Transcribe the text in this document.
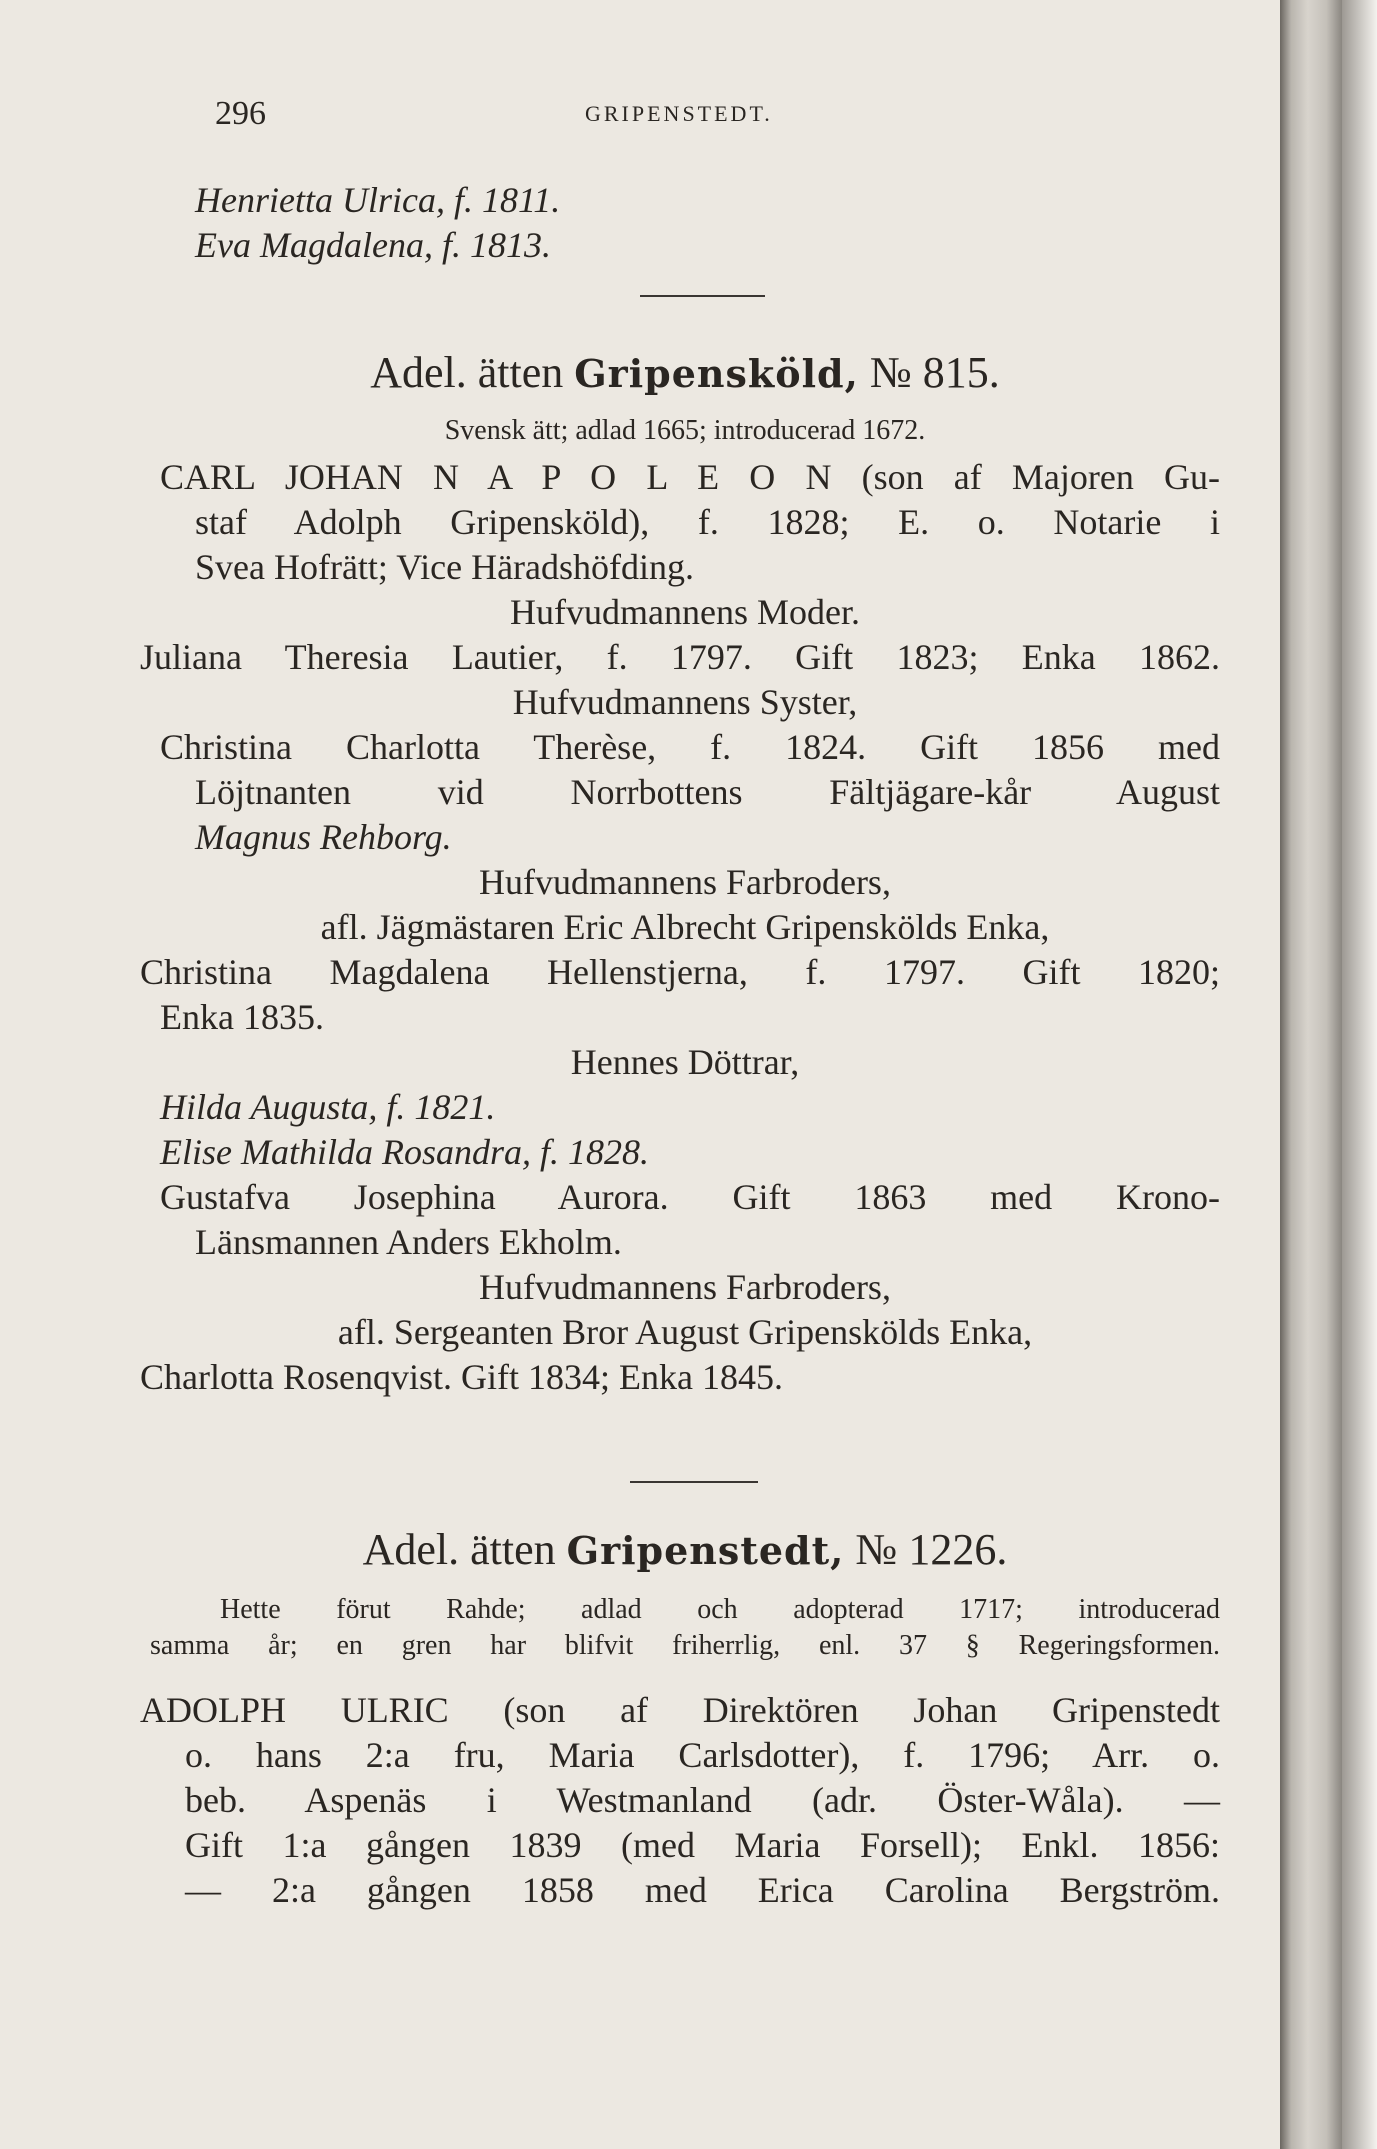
296	GRIPENSTEDT.
Henrietta Ulrica, f. 1811.
Eva Magdalena, f. 1813.
Adel. ätten Gripensköld, № 815.
Svensk ätt; adlad 1665; introducerad 1672.
CARL JOHAN N A P O L E O N (son af Majoren Gu-
staf Adolph Gripensköld), f. 1828; E. o. Notarie i
Svea Hofrätt; Vice Häradshöfding.
Hufvudmannens Moder.
Juliana Theresia Lautier, f. 1797. Gift 1823; Enka 1862.
Hufvudmannens Syster,
Christina Charlotta Therèse, f. 1824. Gift 1856 med
Löjtnanten vid Norrbottens Fältjägare-kår August
Magnus Rehborg.
Hufvudmannens Farbroders,
afl. Jägmästaren Eric Albrecht Gripenskölds Enka,
Christina Magdalena Hellenstjerna, f. 1797. Gift 1820;
Enka 1835.
Hennes Döttrar,
Hilda Augusta, f. 1821.
Elise Mathilda Rosandra, f. 1828.
Gustafva Josephina Aurora. Gift 1863 med Krono-
Länsmannen Anders Ekholm.
Hufvudmannens Farbroders,
afl. Sergeanten Bror August Gripenskölds Enka,
Charlotta Rosenqvist. Gift 1834; Enka 1845.
Adel. ätten Gripenstedt, № 1226.
Hette förut Rahde; adlad och adopterad 1717; introducerad
samma år; en gren har blifvit friherrlig, enl. 37 § Regeringsformen.
ADOLPH ULRIC (son af Direktören Johan Gripenstedt
o. hans 2:a fru, Maria Carlsdotter), f. 1796; Arr. o.
beb. Aspenäs i Westmanland (adr. Öster-Wåla). —
Gift 1:a gången 1839 (med Maria Forsell); Enkl. 1856:
— 2:a gången 1858 med Erica Carolina Bergström.
